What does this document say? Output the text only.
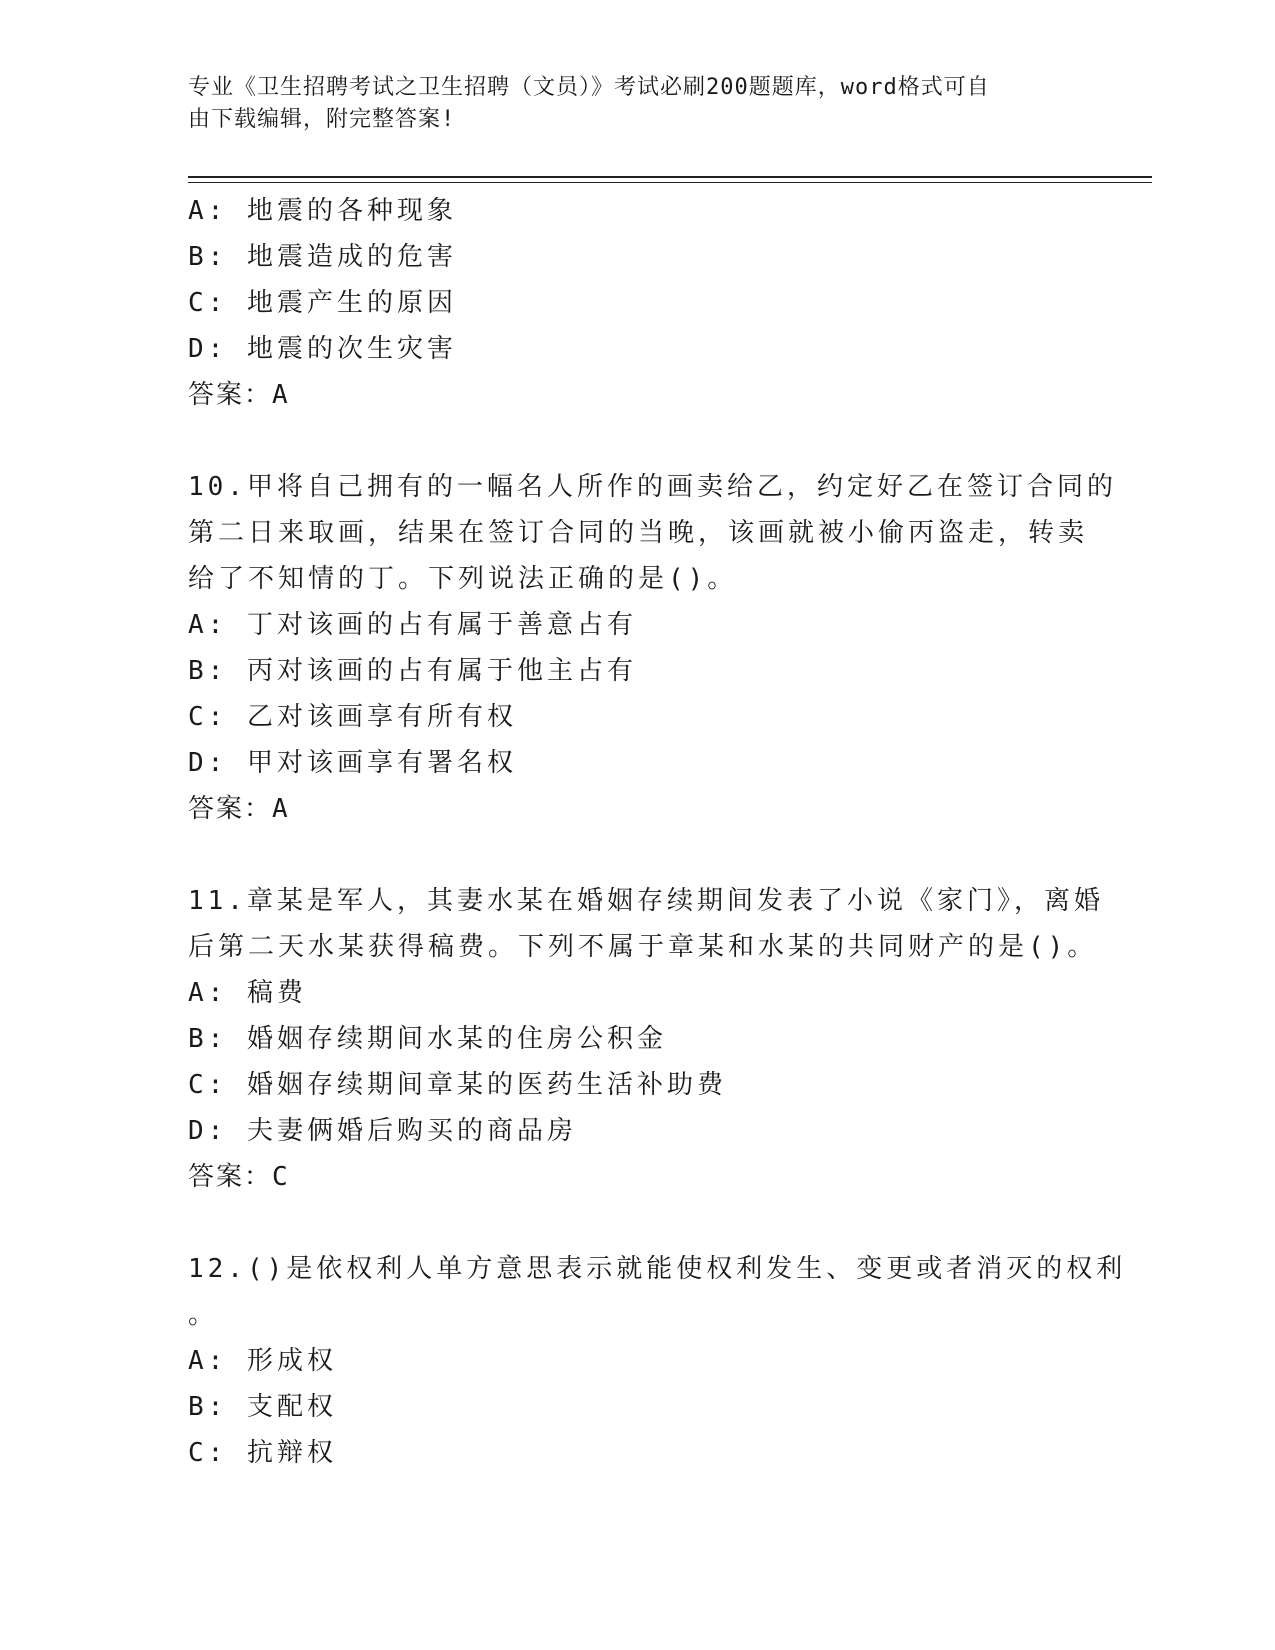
专业《卫生招聘考试之卫生招聘（文员）》考试必刷200题题库，word格式可自
由下载编辑，附完整答案!
A: 地震的各种现象
B: 地震造成的危害
C: 地震产生的原因
D: 地震的次生灾害
答案：A
10.甲将自己拥有的一幅名人所作的画卖给乙，约定好乙在签订合同的
第二日来取画，结果在签订合同的当晚，该画就被小偷丙盗走，转卖
给了不知情的丁。下列说法正确的是()。
A: 丁对该画的占有属于善意占有
B: 丙对该画的占有属于他主占有
C: 乙对该画享有所有权
D: 甲对该画享有署名权
答案：A
11.章某是军人，其妻水某在婚姻存续期间发表了小说《家门》，离婚
后第二天水某获得稿费。下列不属于章某和水某的共同财产的是()。
A: 稿费
B: 婚姻存续期间水某的住房公积金
C: 婚姻存续期间章某的医药生活补助费
D: 夫妻俩婚后购买的商品房
答案：C
12.()是依权利人单方意思表示就能使权利发生、变更或者消灭的权利
。
A: 形成权
B: 支配权
C: 抗辩权
